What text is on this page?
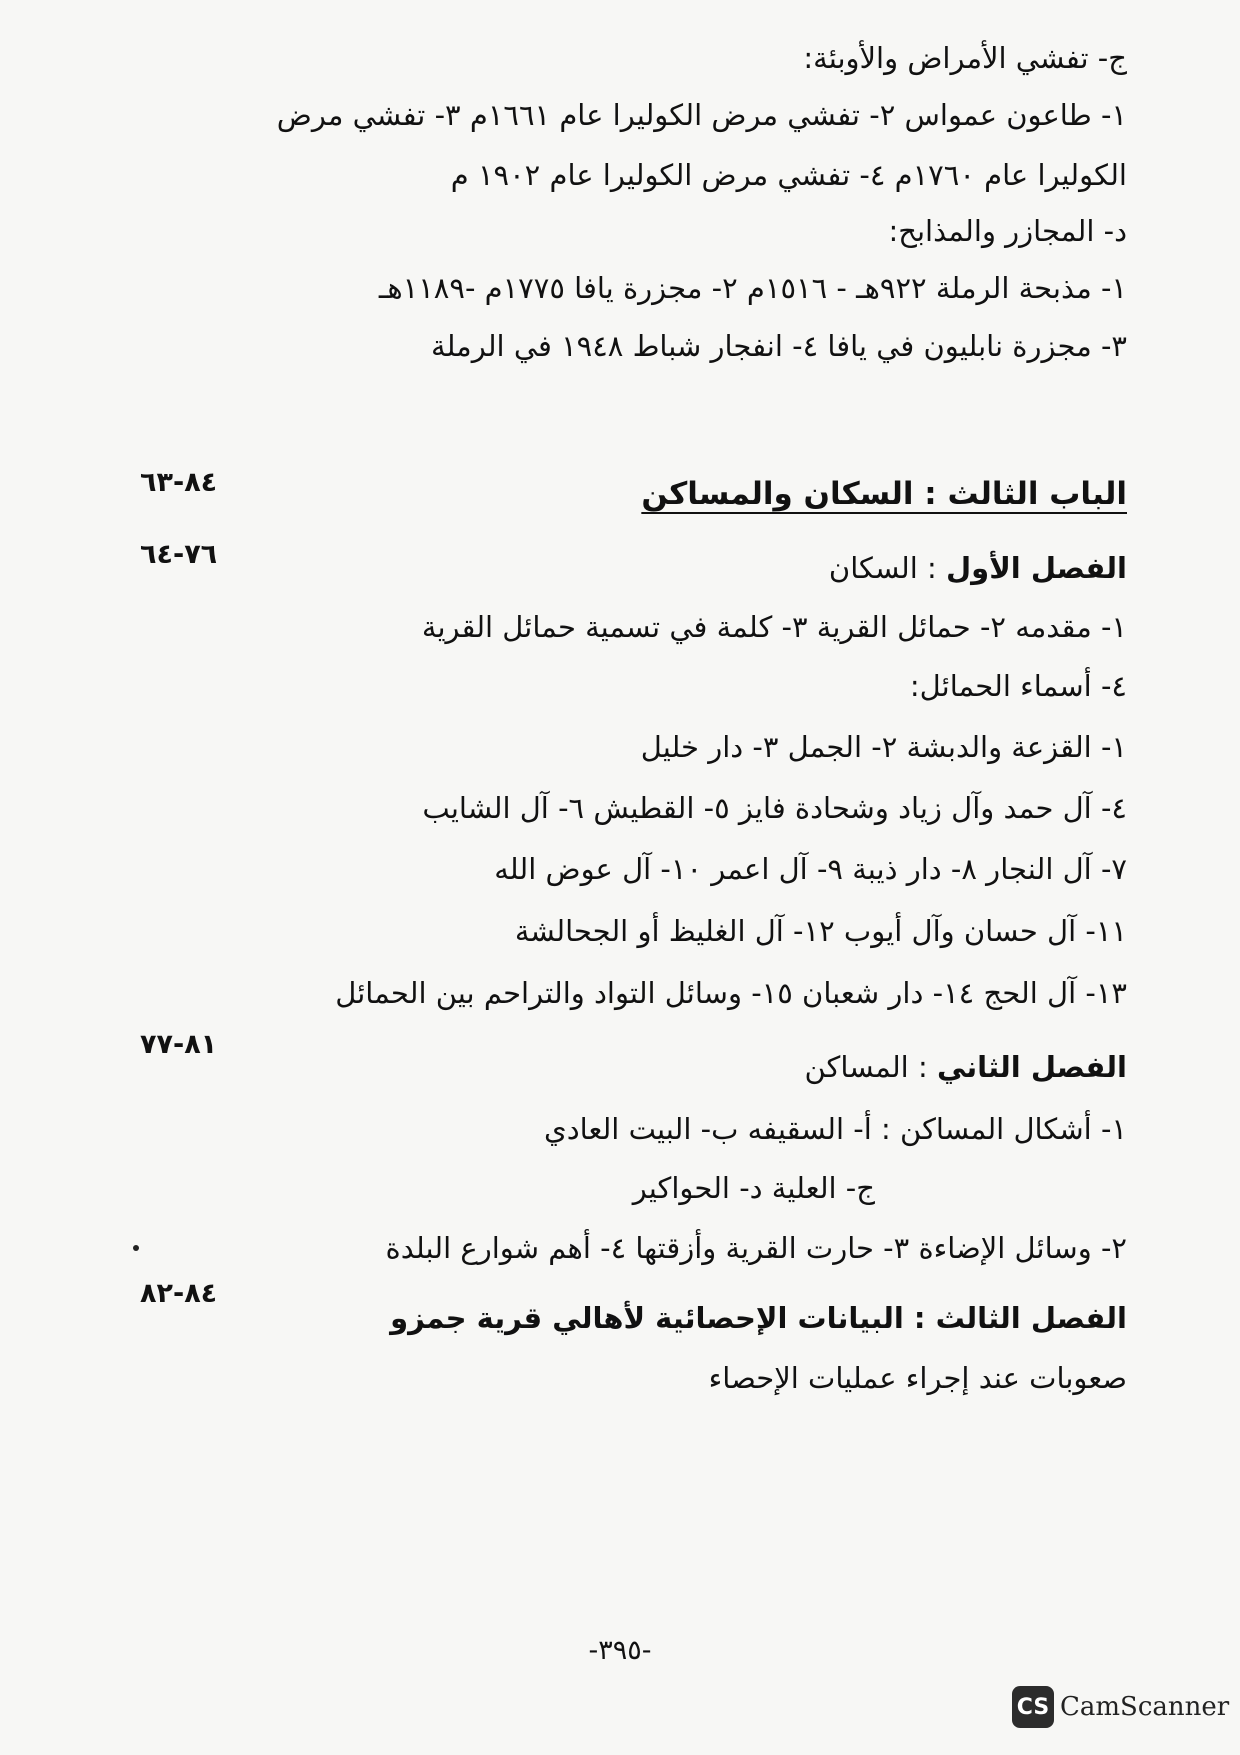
ج- تفشي الأمراض والأوبئة:
١- طاعون عمواس ٢- تفشي مرض الكوليرا عام ١٦٦١م ٣- تفشي مرض
الكوليرا عام ١٧٦٠م ٤- تفشي مرض الكوليرا عام ١٩٠٢ م
د- المجازر والمذابح:
١- مذبحة الرملة ٩٢٢هـ - ١٥١٦م ٢- مجزرة يافا ١٧٧٥م -١١٨٩هـ
٣- مجزرة نابليون في يافا ٤- انفجار شباط ١٩٤٨ في الرملة
الباب الثالث : السكان والمساكن
٨٤-٦٣
الفصل الأول : السكان
٧٦-٦٤
١- مقدمه ٢- حمائل القرية ٣- كلمة في تسمية حمائل القرية
٤- أسماء الحمائل:
١- القزعة والدبشة ٢- الجمل ٣- دار خليل
٤- آل حمد وآل زياد وشحادة فايز ٥- القطيش ٦- آل الشايب
٧- آل النجار ٨- دار ذيبة ٩- آل اعمر ١٠- آل عوض الله
١١- آل حسان وآل أيوب ١٢- آل الغليظ أو الجحالشة
١٣- آل الحج ١٤- دار شعبان ١٥- وسائل التواد والتراحم بين الحمائل
٨١-٧٧
الفصل الثاني : المساكن
١- أشكال المساكن : أ- السقيفه ب- البيت العادي
ج- العلية د- الحواكير
٢- وسائل الإضاءة ٣- حارت القرية وأزقتها ٤- أهم شوارع البلدة
٨٤-٨٢
الفصل الثالث : البيانات الإحصائية لأهالي قرية جمزو
صعوبات عند إجراء عمليات الإحصاء
-٣٩٥-
CS CamScanner
